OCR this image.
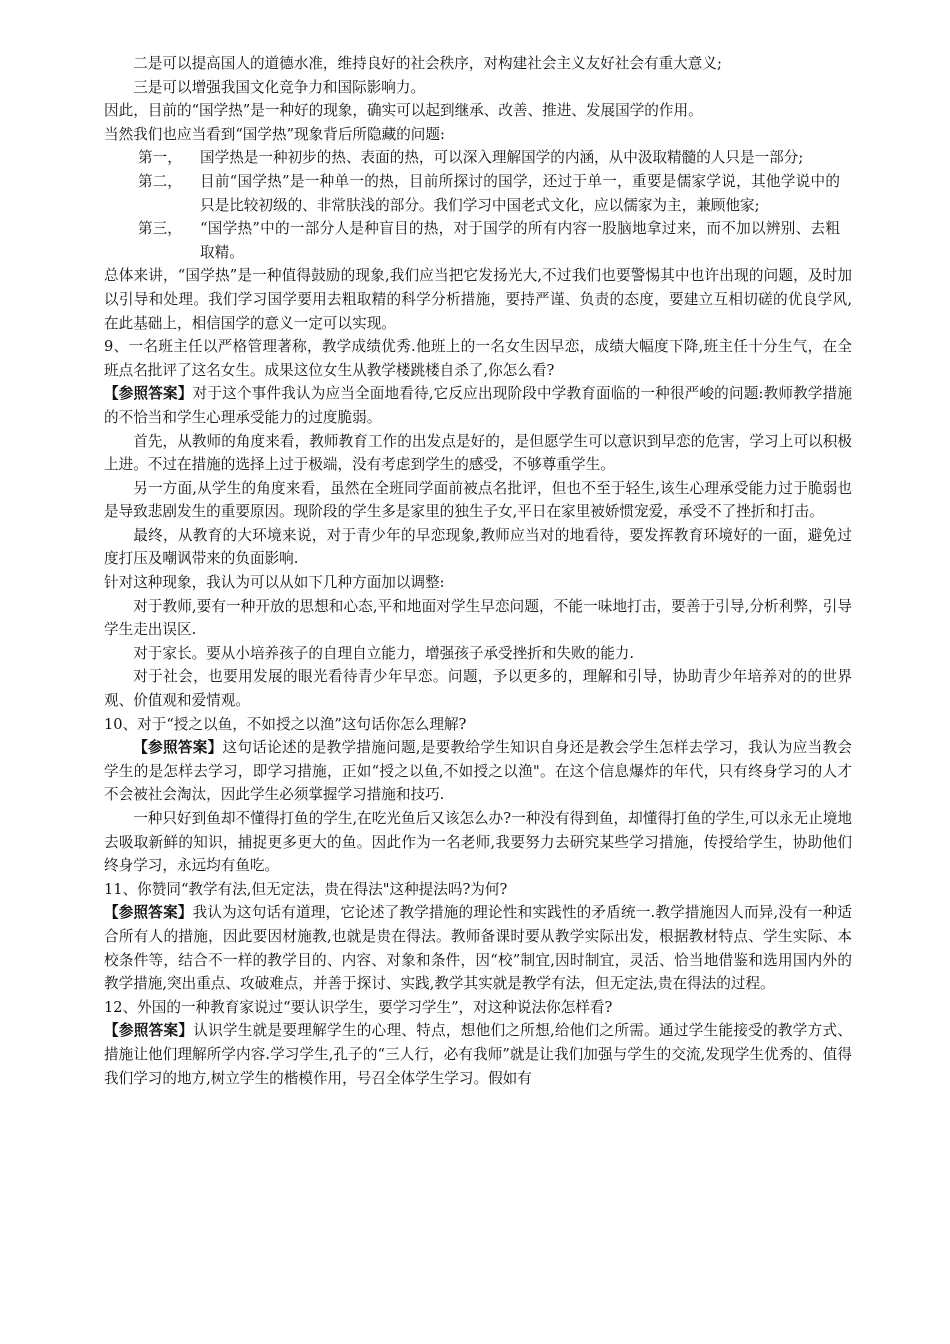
二是可以提高国人的道德水准，维持良好的社会秩序，对构建社会主义友好社会有重大意义;

三是可以增强我国文化竞争力和国际影响力。

因此，目前的“国学热”是一种好的现象，确实可以起到继承、改善、推进、发展国学的作用。

当然我们也应当看到“国学热”现象背后所隐藏的问题:

第一，	国学热是一种初步的热、表面的热，可以深入理解国学的内涵，从中汲取精髓的人只是一部分;
第二，	目前“国学热”是一种单一的热，目前所探讨的国学，还过于单一，重要是儒家学说，其他学说中的只是比较初级的、非常肤浅的部分。我们学习中国老式文化，应以儒家为主，兼顾他家;
第三，	“国学热”中的一部分人是种盲目的热，对于国学的所有内容一股脑地拿过来，而不加以辨别、去粗取精。

总体来讲，“国学热”是一种值得鼓励的现象,我们应当把它发扬光大,不过我们也要警惕其中也许出现的问题，及时加以引导和处理。我们学习国学要用去粗取精的科学分析措施，要持严谨、负责的态度，要建立互相切磋的优良学风,在此基础上，相信国学的意义一定可以实现。

9、一名班主任以严格管理著称，教学成绩优秀.他班上的一名女生因早恋，成绩大幅度下降,班主任十分生气，在全班点名批评了这名女生。成果这位女生从教学楼跳楼自杀了,你怎么看?

【参照答案】对于这个事件我认为应当全面地看待,它反应出现阶段中学教育面临的一种很严峻的问题:教师教学措施的不恰当和学生心理承受能力的过度脆弱。

首先，从教师的角度来看，教师教育工作的出发点是好的，是但愿学生可以意识到早恋的危害，学习上可以积极上进。不过在措施的选择上过于极端，没有考虑到学生的感受，不够尊重学生。

另一方面,从学生的角度来看，虽然在全班同学面前被点名批评，但也不至于轻生,该生心理承受能力过于脆弱也是导致悲剧发生的重要原因。现阶段的学生多是家里的独生子女,平日在家里被娇惯宠爱，承受不了挫折和打击。

最终，从教育的大环境来说，对于青少年的早恋现象,教师应当对的地看待，要发挥教育环境好的一面，避免过度打压及嘲讽带来的负面影响.

针对这种现象，我认为可以从如下几种方面加以调整:

对于教师,要有一种开放的思想和心态,平和地面对学生早恋问题，不能一味地打击，要善于引导,分析利弊，引导学生走出误区.

对于家长。要从小培养孩子的自理自立能力，增强孩子承受挫折和失败的能力.

对于社会，也要用发展的眼光看待青少年早恋。问题，予以更多的，理解和引导，协助青少年培养对的的世界观、价值观和爱情观。

10、对于“授之以鱼，不如授之以渔”这句话你怎么理解?

【参照答案】这句话论述的是教学措施问题,是要教给学生知识自身还是教会学生怎样去学习，我认为应当教会学生的是怎样去学习，即学习措施，正如“授之以鱼,不如授之以渔"。在这个信息爆炸的年代，只有终身学习的人才不会被社会淘汰，因此学生必须掌握学习措施和技巧.

一种只好到鱼却不懂得打鱼的学生,在吃光鱼后又该怎么办?一种没有得到鱼，却懂得打鱼的学生,可以永无止境地去吸取新鲜的知识，捕捉更多更大的鱼。因此作为一名老师,我要努力去研究某些学习措施，传授给学生，协助他们终身学习，永远均有鱼吃。

11、你赞同“教学有法,但无定法，贵在得法"这种提法吗?为何?

【参照答案】我认为这句话有道理，它论述了教学措施的理论性和实践性的矛盾统一.教学措施因人而异,没有一种适合所有人的措施，因此要因材施教,也就是贵在得法。教师备课时要从教学实际出发，根据教材特点、学生实际、本校条件等，结合不一样的教学目的、内容、对象和条件，因“校”制宜,因时制宜，灵活、恰当地借鉴和选用国内外的教学措施,突出重点、攻破难点，并善于探讨、实践,教学其实就是教学有法，但无定法,贵在得法的过程。

12、外国的一种教育家说过“要认识学生，要学习学生”，对这种说法你怎样看?

【参照答案】认识学生就是要理解学生的心理、特点，想他们之所想,给他们之所需。通过学生能接受的教学方式、措施让他们理解所学内容.学习学生,孔子的“三人行，必有我师”就是让我们加强与学生的交流,发现学生优秀的、值得我们学习的地方,树立学生的楷模作用，号召全体学生学习。假如有
